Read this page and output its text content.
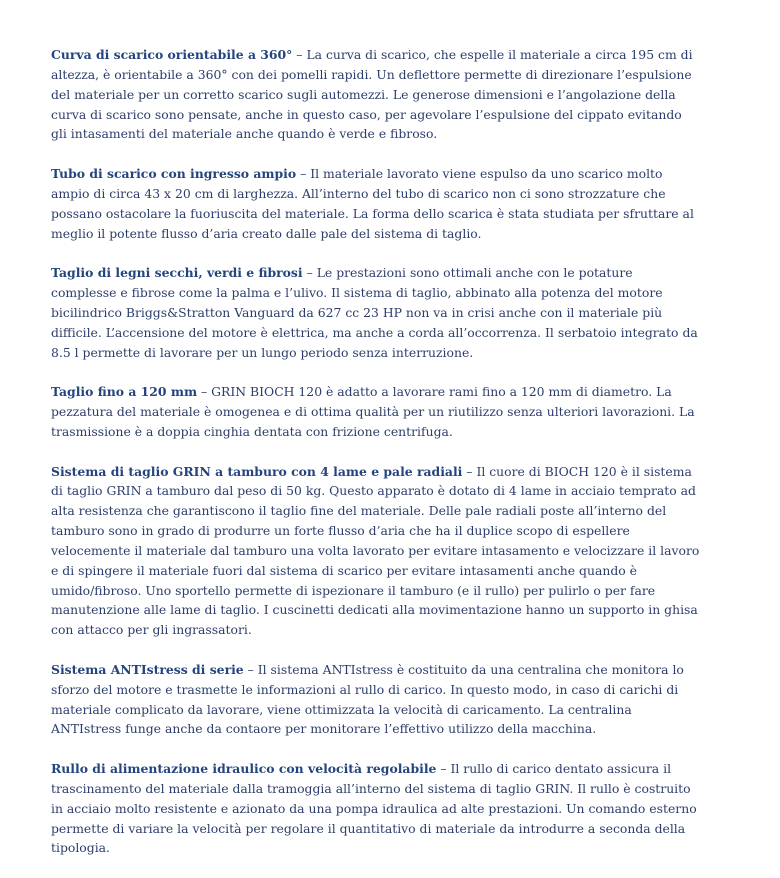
Curva di scarico orientabile a 360° – La curva di scarico, che espelle il materiale a circa 195 cm di altezza, è orientabile a 360° con dei pomelli rapidi. Un deflettore permette di direzionare l’espulsione del materiale per un corretto scarico sugli automezzi. Le generose dimensioni e l’angolazione della curva di scarico sono pensate, anche in questo caso, per agevolare l’espulsione del cippato evitando gli intasamenti del materiale anche quando è verde e fibroso.

Tubo di scarico con ingresso ampio – Il materiale lavorato viene espulso da uno scarico molto ampio di circa 43 x 20 cm di larghezza. All’interno del tubo di scarico non ci sono strozzature che possano ostacolare la fuoriuscita del materiale. La forma dello scarica è stata studiata per sfruttare al meglio il potente flusso d’aria creato dalle pale del sistema di taglio.

Taglio di legni secchi, verdi e fibrosi – Le prestazioni sono ottimali anche con le potature complesse e fibrose come la palma e l’ulivo. Il sistema di taglio, abbinato alla potenza del motore bicilindrico Briggs&Stratton Vanguard da 627 cc 23 HP non va in crisi anche con il materiale più difficile. L’accensione del motore è elettrica, ma anche a corda all’occorrenza. Il serbatoio integrato da 8.5 l permette di lavorare per un lungo periodo senza interruzione.

Taglio fino a 120 mm – GRIN BIOCH 120 è adatto a lavorare rami fino a 120 mm di diametro. La pezzatura del materiale è omogenea e di ottima qualità per un riutilizzo senza ulteriori lavorazioni. La trasmissione è a doppia cinghia dentata con frizione centrifuga.

Sistema di taglio GRIN a tamburo con 4 lame e pale radiali – Il cuore di BIOCH 120 è il sistema di taglio GRIN a tamburo dal peso di 50 kg. Questo apparato è dotato di 4 lame in acciaio temprato ad alta resistenza che garantiscono il taglio fine del materiale. Delle pale radiali poste all’interno del tamburo sono in grado di produrre un forte flusso d’aria che ha il duplice scopo di espellere velocemente il materiale dal tamburo una volta lavorato per evitare intasamento e velocizzare il lavoro e di spingere il materiale fuori dal sistema di scarico per evitare intasamenti anche quando è umido/fibroso. Uno sportello permette di ispezionare il tamburo (e il rullo) per pulirlo o per fare manutenzione alle lame di taglio. I cuscinetti dedicati alla movimentazione hanno un supporto in ghisa con attacco per gli ingrassatori.

Sistema ANTIstress di serie – Il sistema ANTIstress è costituito da una centralina che monitora lo sforzo del motore e trasmette le informazioni al rullo di carico. In questo modo, in caso di carichi di materiale complicato da lavorare, viene ottimizzata la velocità di caricamento. La centralina ANTIstress funge anche da contaore per monitorare l’effettivo utilizzo della macchina.

Rullo di alimentazione idraulico con velocità regolabile – Il rullo di carico dentato assicura il trascinamento del materiale dalla tramoggia all’interno del sistema di taglio GRIN. Il rullo è costruito in acciaio molto resistente e azionato da una pompa idraulica ad alte prestazioni. Un comando esterno permette di variare la velocità per regolare il quantitativo di materiale da introdurre a seconda della tipologia.
